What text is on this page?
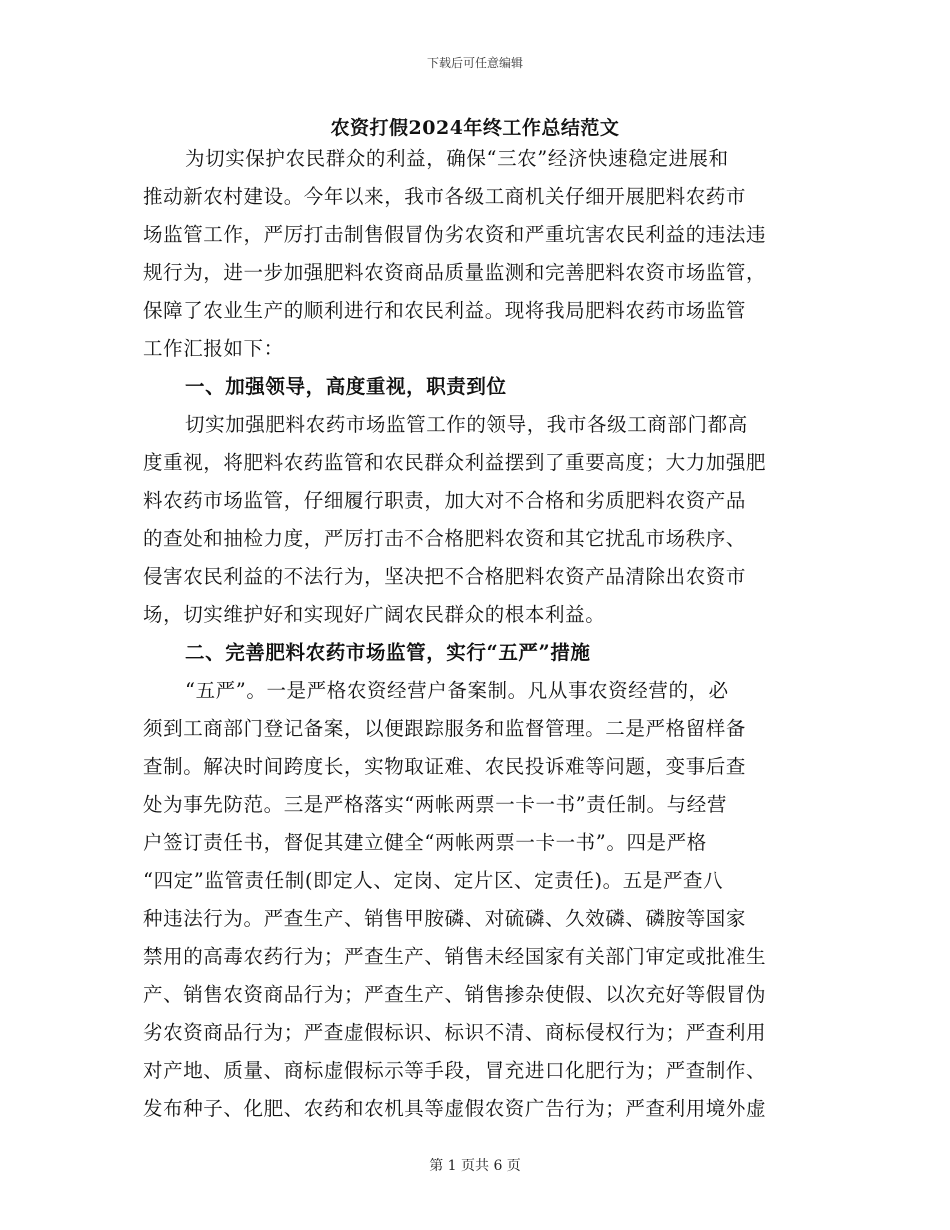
下载后可任意编辑
农资打假2024年终工作总结范文
为切实保护农民群众的利益，确保“三农”经济快速稳定进展和
推动新农村建设。今年以来，我市各级工商机关仔细开展肥料农药市
场监管工作，严厉打击制售假冒伪劣农资和严重坑害农民利益的违法违
规行为，进一步加强肥料农资商品质量监测和完善肥料农资市场监管，
保障了农业生产的顺利进行和农民利益。现将我局肥料农药市场监管
工作汇报如下：
一、加强领导，高度重视，职责到位
切实加强肥料农药市场监管工作的领导，我市各级工商部门都高
度重视，将肥料农药监管和农民群众利益摆到了重要高度；大力加强肥
料农药市场监管，仔细履行职责，加大对不合格和劣质肥料农资产品
的查处和抽检力度，严厉打击不合格肥料农资和其它扰乱市场秩序、
侵害农民利益的不法行为，坚决把不合格肥料农资产品清除出农资市
场，切实维护好和实现好广阔农民群众的根本利益。
二、完善肥料农药市场监管，实行“五严”措施
“五严”。一是严格农资经营户备案制。凡从事农资经营的，必
须到工商部门登记备案，以便跟踪服务和监督管理。二是严格留样备
查制。解决时间跨度长，实物取证难、农民投诉难等问题，变事后查
处为事先防范。三是严格落实“两帐两票一卡一书”责任制。与经营
户签订责任书，督促其建立健全“两帐两票一卡一书”。四是严格
“四定”监管责任制(即定人、定岗、定片区、定责任)。五是严查八
种违法行为。严查生产、销售甲胺磷、对硫磷、久效磷、磷胺等国家
禁用的高毒农药行为；严查生产、销售未经国家有关部门审定或批准生
产、销售农资商品行为；严查生产、销售掺杂使假、以次充好等假冒伪
劣农资商品行为；严查虚假标识、标识不清、商标侵权行为；严查利用
对产地、质量、商标虚假标示等手段，冒充进口化肥行为；严查制作、
发布种子、化肥、农药和农机具等虚假农资广告行为；严查利用境外虚
第 1 页共 6 页
